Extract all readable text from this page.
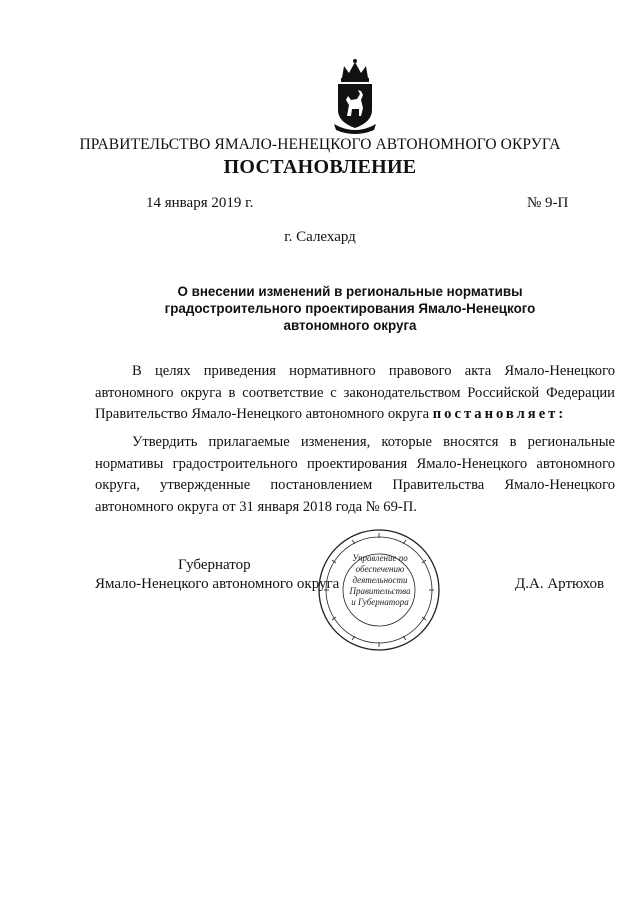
ПРАВИТЕЛЬСТВО ЯМАЛО-НЕНЕЦКОГО АВТОНОМНОГО ОКРУГА
ПОСТАНОВЛЕНИЕ
14 января 2019 г.	№ 9-П
г. Салехард
О внесении изменений в региональные нормативы градостроительного проектирования Ямало-Ненецкого автономного округа
В целях приведения нормативного правового акта Ямало-Ненецкого автономного округа в соответствие с законодательством Российской Федерации Правительство Ямало-Ненецкого автономного округа постановляет:
Утвердить прилагаемые изменения, которые вносятся в региональные нормативы градостроительного проектирования Ямало-Ненецкого автономного округа, утвержденные постановлением Правительства Ямало-Ненецкого автономного округа от 31 января 2018 года № 69-П.
Губернатор
Ямало-Ненецкого автономного округа	Д.А. Артюхов
Управление по обеспечению деятельности Правительства и Губернатора
